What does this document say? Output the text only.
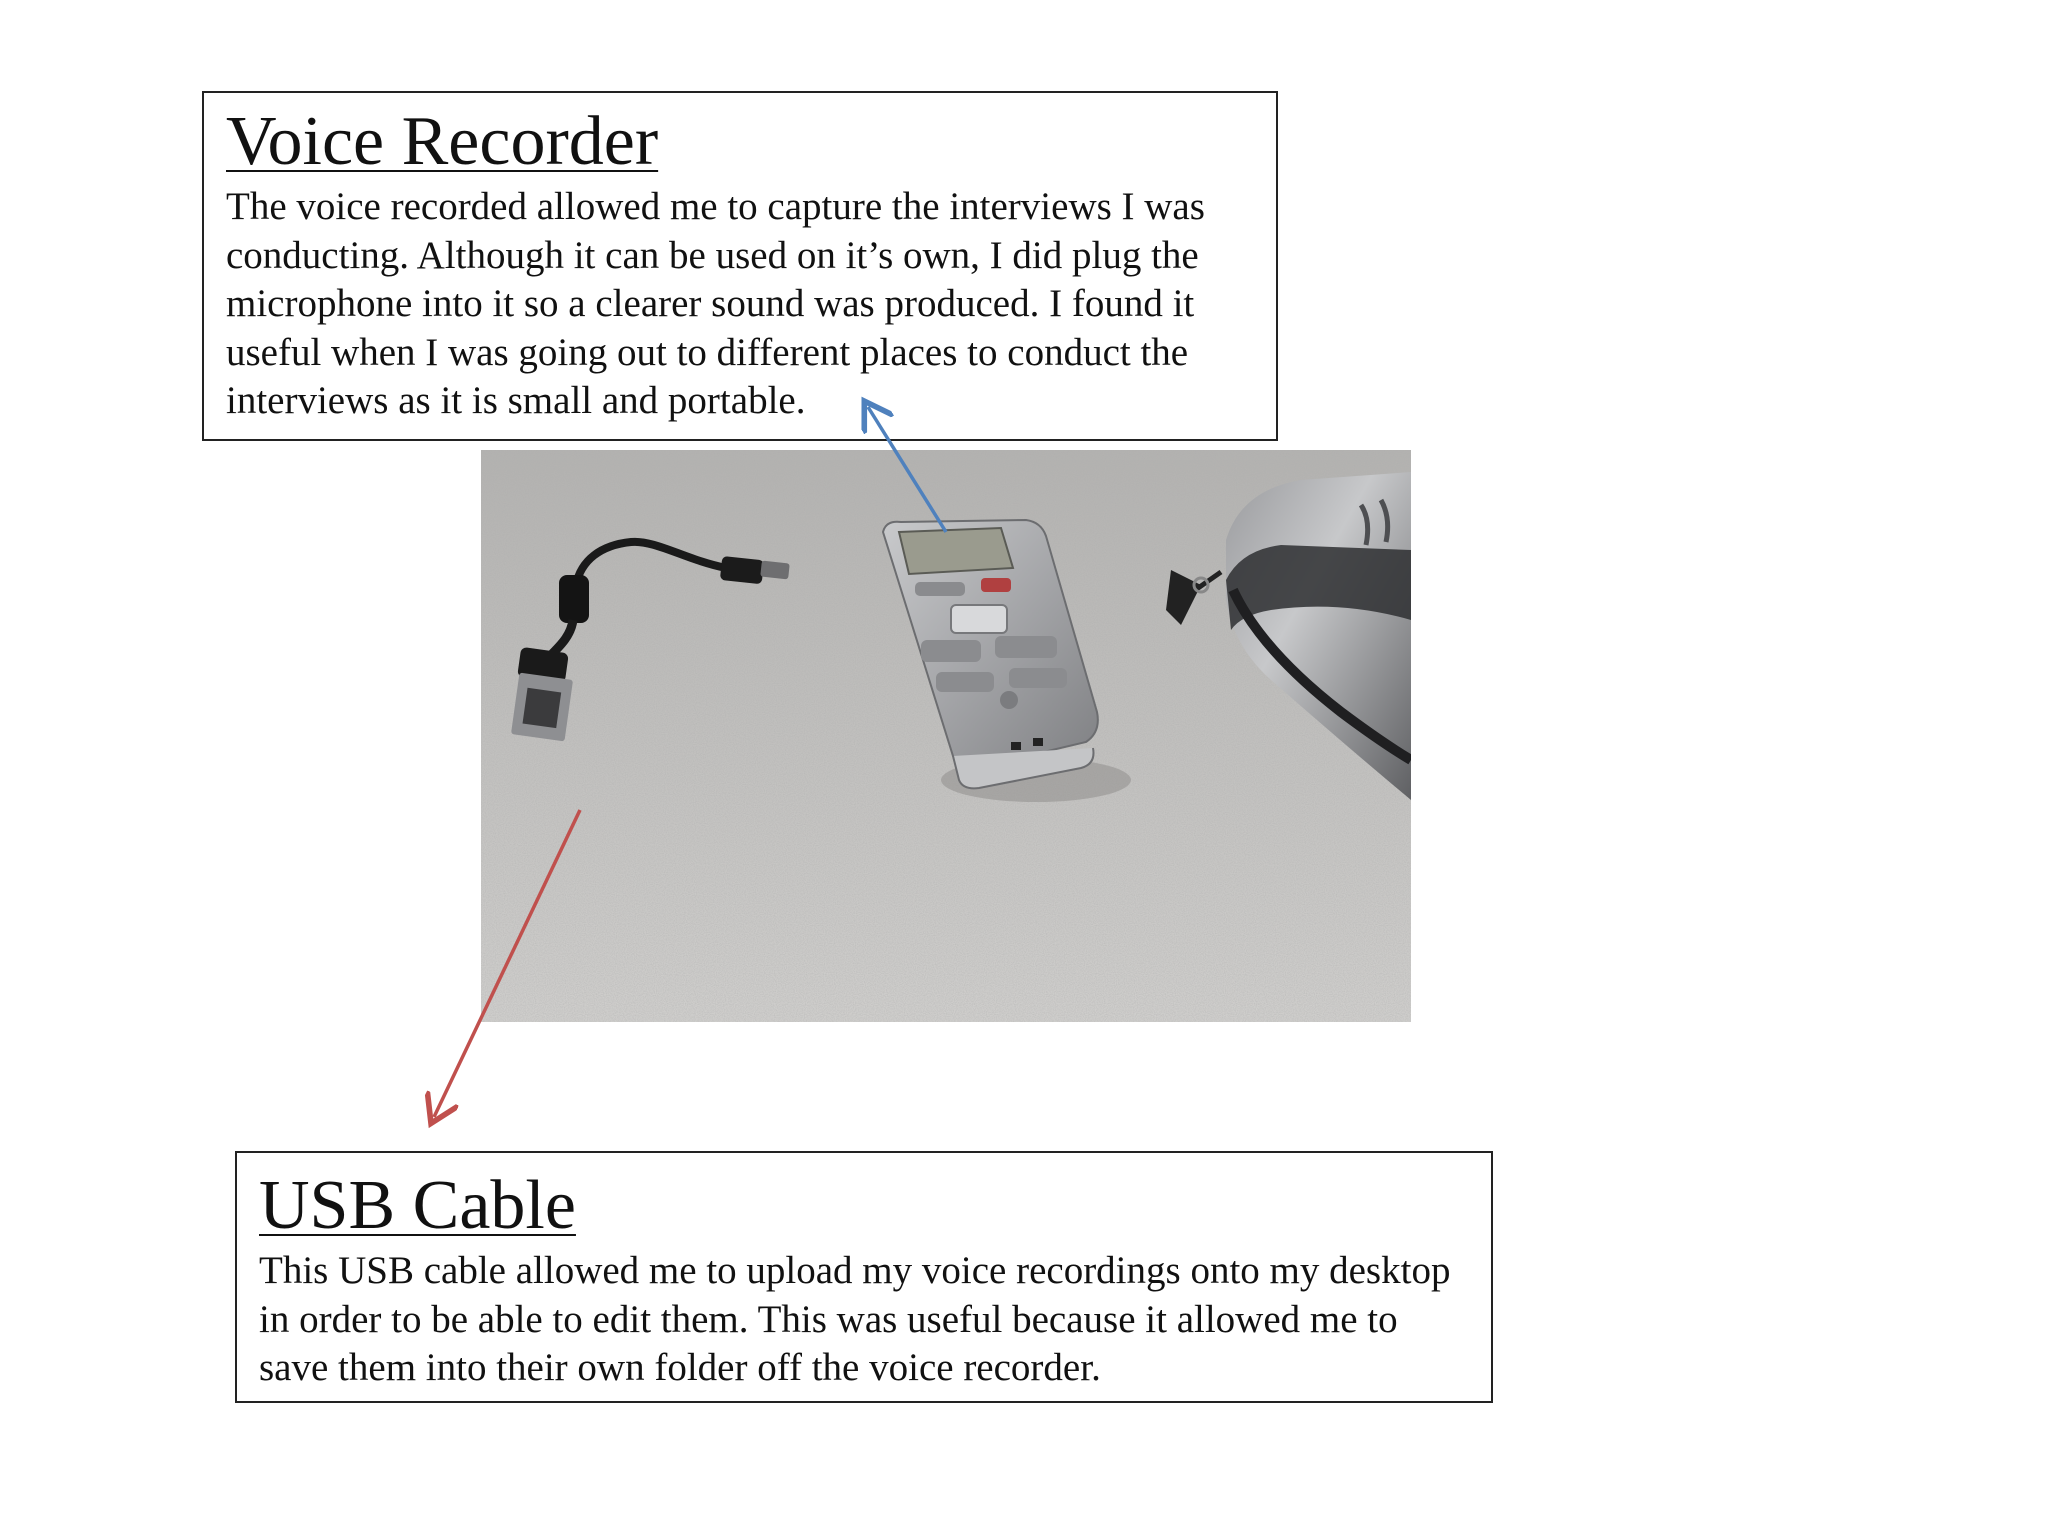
Voice Recorder

The voice recorded allowed me to capture the interviews I was conducting. Although it can be used on it’s own, I did plug the microphone into it so a clearer sound was produced. I found it useful when I was going out to different places to conduct the interviews as it is small and portable.

USB Cable

This USB cable allowed me to upload my voice recordings onto my desktop in order to be able to edit them. This was useful because it allowed me to save them into their own folder off the voice recorder.
